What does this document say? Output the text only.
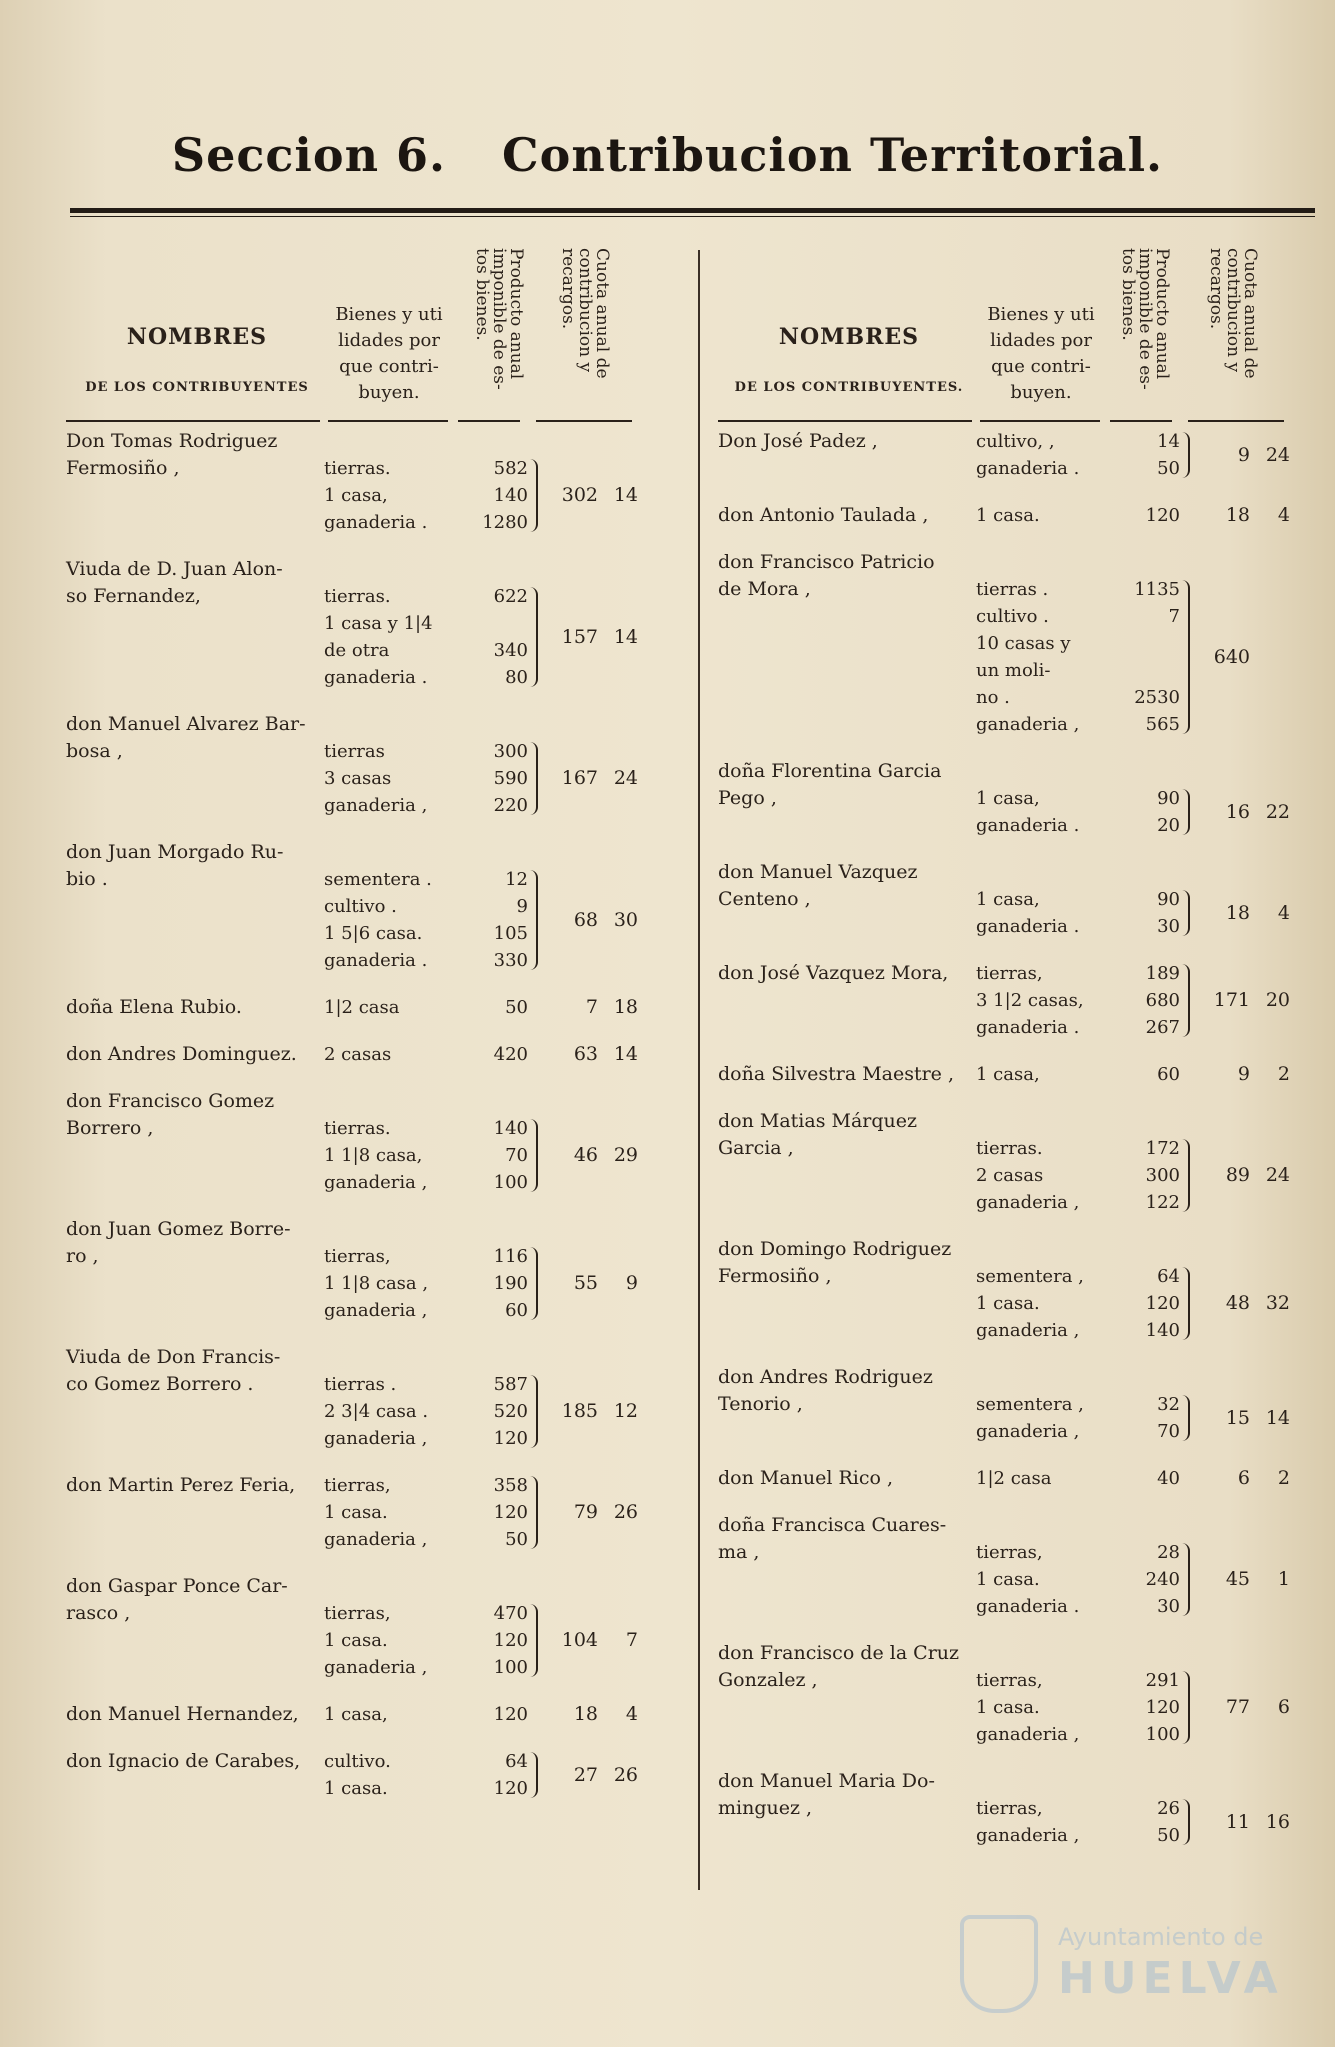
Seccion 6. Contribucion Territorial.
NOMBRES
DE LOS CONTRIBUYENTES
Bienes y uti lidades por que contri- buyen.
Producto anual imponible de es- tos bienes.	Cuota anual de contribucion y recargos.
Don Tomas Rodriguez
Fermosiño ,	tierras.	582
1 casa,	140
ganaderia .	1280
302 14
Viuda de D. Juan Alon-
so Fernandez,	tierras.	622
1 casa y 1|4
de otra	340
ganaderia .	80
157 14
don Manuel Alvarez Bar-
bosa ,	tierras	300
3 casas	590
ganaderia ,	220
167 24
don Juan Morgado Ru-
bio .	sementera .	12
cultivo .	9
1 5|6 casa.	105
ganaderia .	330
68 30
doña Elena Rubio.	1|2 casa	50	7 18
don Andres Dominguez.	2 casas	420	63 14
don Francisco Gomez
Borrero ,	tierras.	140
1 1|8 casa,	70
ganaderia ,	100
46 29
don Juan Gomez Borre-
ro ,	tierras,	116
1 1|8 casa ,	190
ganaderia ,	60
55 9
Viuda de Don Francis-
co Gomez Borrero .	tierras .	587
2 3|4 casa .	520
ganaderia ,	120
185 12
don Martin Perez Feria,	tierras,	358
1 casa.	120
ganaderia ,	50
79 26
don Gaspar Ponce Car-
rasco ,	tierras,	470
1 casa.	120
ganaderia ,	100
104 7
don Manuel Hernandez,	1 casa,	120	18 4
don Ignacio de Carabes,	cultivo.	64
1 casa.	120
27 26
NOMBRES
DE LOS CONTRIBUYENTES.
Bienes y uti lidades por que contri- buyen.
Producto anual imponible de es- tos bienes.	Cuota anual de contribucion y recargos.
Don José Padez ,	cultivo, ,	14
ganaderia .	50
9 24
don Antonio Taulada ,	1 casa.	120	18 4
don Francisco Patricio
de Mora ,	tierras .	1135
cultivo .	7
10 casas y
un moli-
no .	2530
ganaderia ,	565
640
doña Florentina Garcia
Pego ,	1 casa,	90
ganaderia .	20
16 22
don Manuel Vazquez
Centeno ,	1 casa,	90
ganaderia .	30
18 4
don José Vazquez Mora,	tierras,	189
3 1|2 casas,	680
ganaderia .	267
171 20
doña Silvestra Maestre ,	1 casa,	60	9 2
don Matias Márquez
Garcia ,	tierras.	172
2 casas	300
ganaderia ,	122
89 24
don Domingo Rodriguez
Fermosiño ,	sementera ,	64
1 casa.	120
ganaderia ,	140
48 32
don Andres Rodriguez
Tenorio ,	sementera ,	32
ganaderia ,	70
15 14
don Manuel Rico ,	1|2 casa	40	6 2
doña Francisca Cuares-
ma ,	tierras,	28
1 casa.	240
ganaderia .	30
45 1
don Francisco de la Cruz
Gonzalez ,	tierras,	291
1 casa.	120
ganaderia ,	100
77 6
don Manuel Maria Do-
minguez ,	tierras,	26
ganaderia ,	50
11 16
Ayuntamiento de
HUELVA
